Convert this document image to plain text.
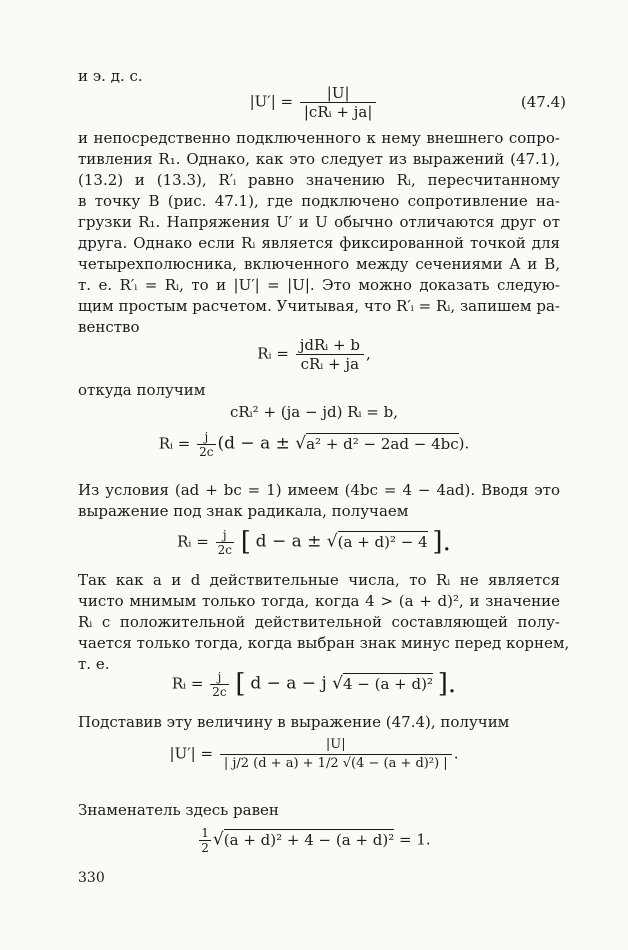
и э. д. с.
$|U'| = \frac{|U|}{\text{|cRᵢ + ja|}}$	(47.4)
и непосредственно подключенного к нему внешнего сопро-
тивления R₁. Однако, как это следует из выражений (47.1),
(13.2) и (13.3), R′ᵢ равно значению Rᵢ, пересчитанному
в точку B (рис. 47.1), где подключено сопротивление на-
грузки R₁. Напряжения U′ и U обычно отличаются друг от
друга. Однако если Rᵢ является фиксированной точкой для
четырехполюсника, включенного между сечениями A и B,
т. е. R′ᵢ = Rᵢ, то и |U′| = |U|. Это можно доказать следую-
щим простым расчетом. Учитывая, что R′ᵢ = Rᵢ, запишем ра-
венство
Rᵢ = $\frac{\text{jdRᵢ + b}}{\text{cRᵢ + ja}}$ ,
откуда получим
cRᵢ² + (ja − jd) Rᵢ = b,
Rᵢ = $\frac{j}{2c} (d - a \pm √a^2 + d^2 - 2ad - 4bc)$.
Из условия (ad + bc = 1) имеем (4bc = 4 − 4ad). Вводя это
выражение под знак радикала, получаем
Rᵢ = $\frac{j}{2c}$ [ d − a ± √(a + d)² − 4 ].
Так как a и d действительные числа, то Rᵢ не является
чисто мнимым только тогда, когда 4 > (a + d)², и значение
Rᵢ с положительной действительной составляющей полу-
чается только тогда, когда выбран знак минус перед корнем,
т. е.
Rᵢ = $\frac{j}{2c}$ [ d − a − j √4 − (a + d)² ].
Подставив эту величину в выражение (47.4), получим
$|U'| = \frac{|U|}{\text{| j/2 (d + a) + 1/2 √(4 − (a + d)²) |}}$ .
Знаменатель здесь равен
$\frac{1}{2} √(a + d)^2 + 4 - (a + d)^2 = 1$.
330
